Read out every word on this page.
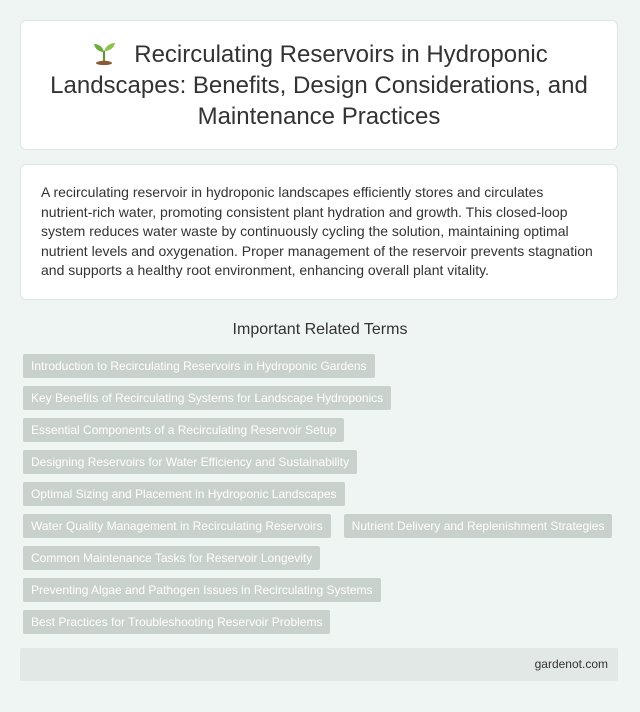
Recirculating Reservoirs in Hydroponic Landscapes: Benefits, Design Considerations, and Maintenance Practices

A recirculating reservoir in hydroponic landscapes efficiently stores and circulates nutrient-rich water, promoting consistent plant hydration and growth. This closed-loop system reduces water waste by continuously cycling the solution, maintaining optimal nutrient levels and oxygenation. Proper management of the reservoir prevents stagnation and supports a healthy root environment, enhancing overall plant vitality.

Important Related Terms
Introduction to Recirculating Reservoirs in Hydroponic Gardens
Key Benefits of Recirculating Systems for Landscape Hydroponics
Essential Components of a Recirculating Reservoir Setup
Designing Reservoirs for Water Efficiency and Sustainability
Optimal Sizing and Placement in Hydroponic Landscapes
Water Quality Management in Recirculating Reservoirs	Nutrient Delivery and Replenishment Strategies
Common Maintenance Tasks for Reservoir Longevity
Preventing Algae and Pathogen Issues in Recirculating Systems
Best Practices for Troubleshooting Reservoir Problems
gardenot.com
